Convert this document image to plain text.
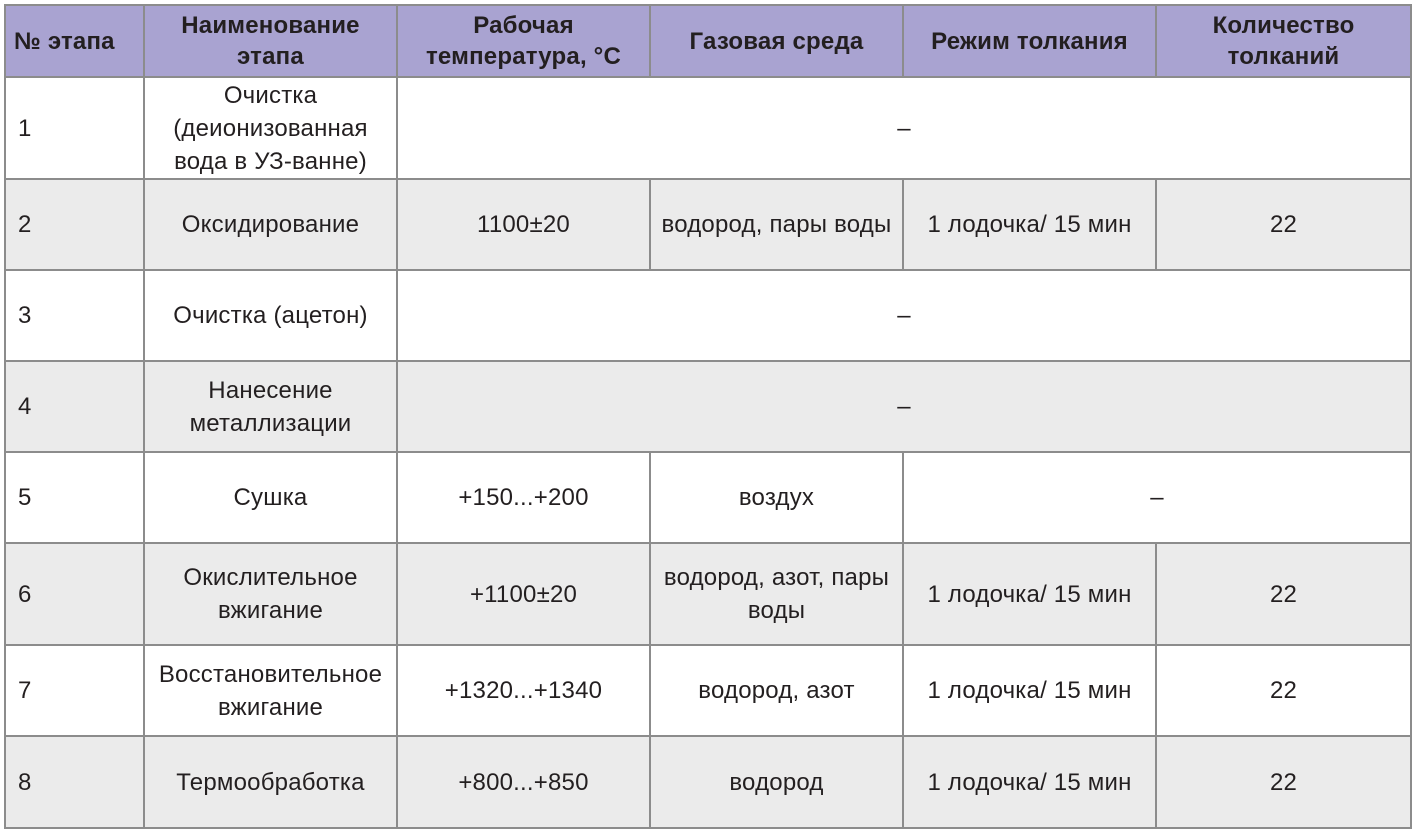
№ этапа	Наименование этапа	Рабочая температура, °C	Газовая среда	Режим толкания	Количество толканий
1	Очистка (деионизованная вода в УЗ-ванне)	–			
2	Оксидирование	1100±20	водород, пары воды	1 лодочка/ 15 мин	22
3	Очистка (ацетон)	–			
4	Нанесение металлизации	–			
5	Сушка	+150...+200	воздух	–	
6	Окислительное вжигание	+1100±20	водород, азот, пары воды	1 лодочка/ 15 мин	22
7	Восстановительное вжигание	+1320...+1340	водород, азот	1 лодочка/ 15 мин	22
8	Термообработка	+800...+850	водород	1 лодочка/ 15 мин	22
